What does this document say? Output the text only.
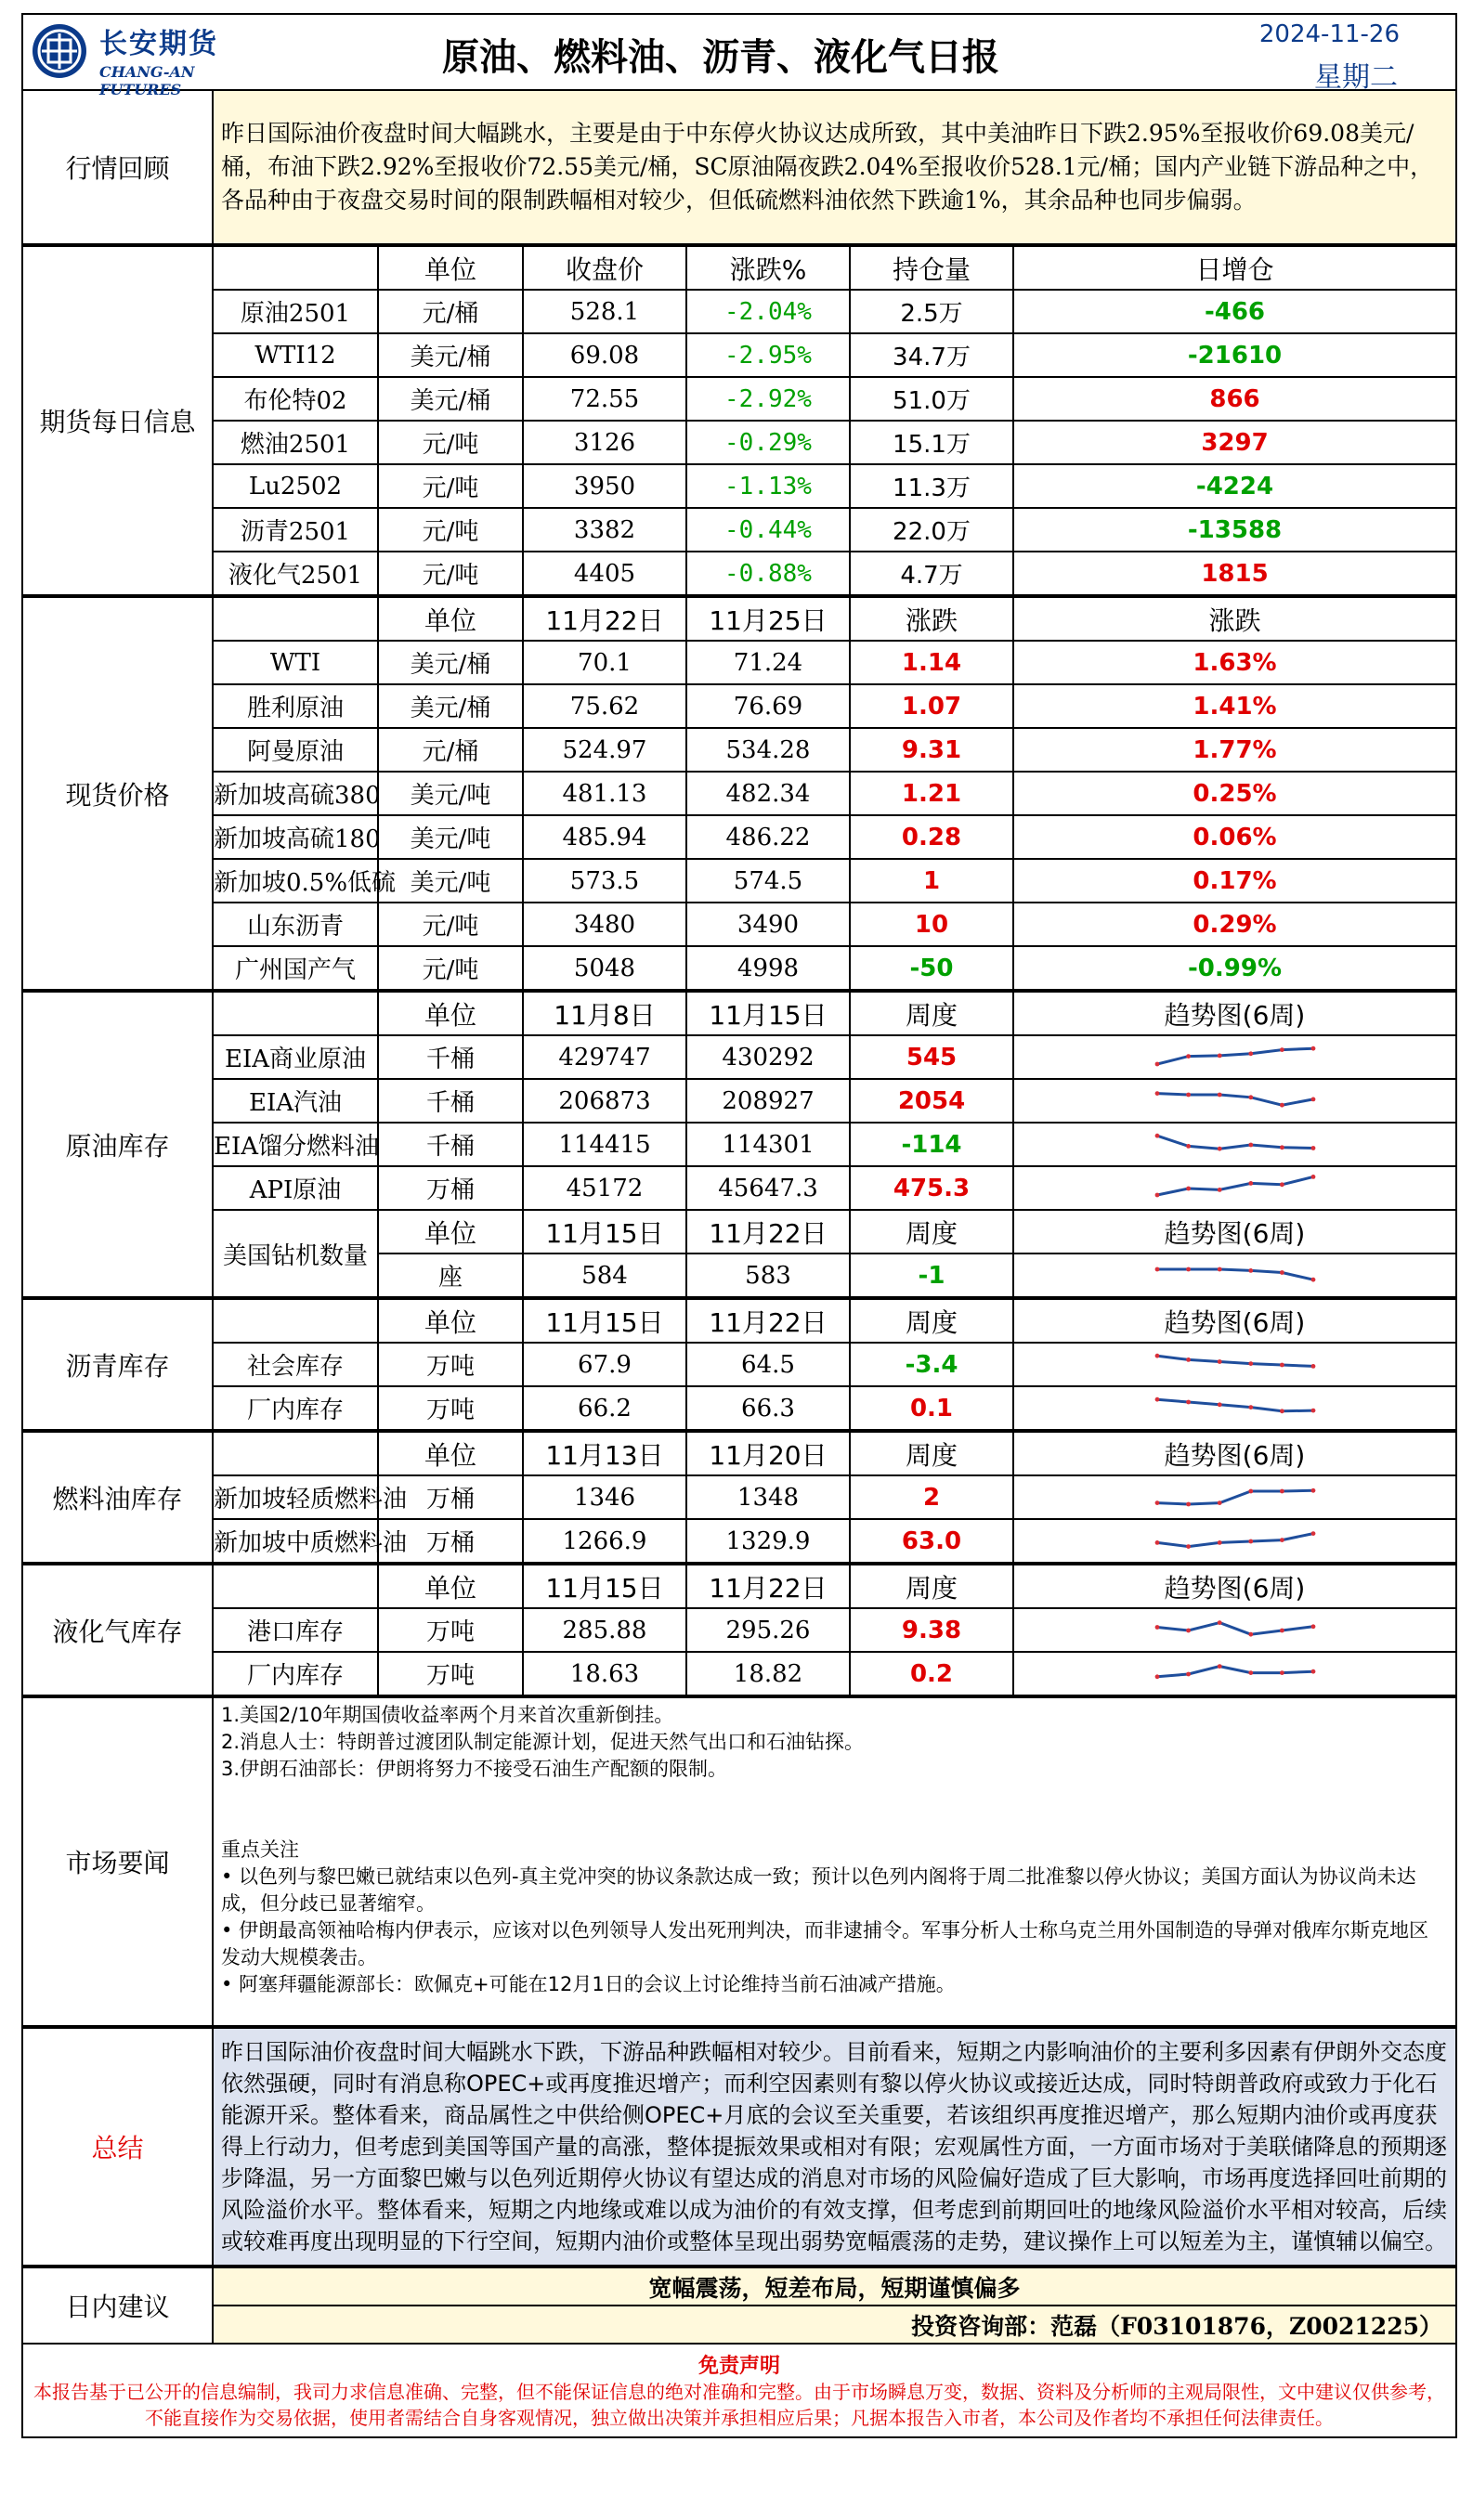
长安期货
CHANG-AN FUTURES
原油、燃料油、沥青、液化气日报
2024-11-26
星期二
行情回顾	昨日国际油价夜盘时间大幅跳水，主要是由于中东停火协议达成所致，其中美油昨日下跌2.95%至报收价69.08美元/桶，布油下跌2.92%至报收价72.55美元/桶，SC原油隔夜跌2.04%至报收价528.1元/桶；国内产业链下游品种之中，各品种由于夜盘交易时间的限制跌幅相对较少，但低硫燃料油依然下跌逾1%，其余品种也同步偏弱。
期货每日信息		单位	收盘价	涨跌%	持仓量	日增仓
	原油2501	元/桶	528.1	-2.04%	2.5万	-466
	WTI12	美元/桶	69.08	-2.95%	34.7万	-21610
	布伦特02	美元/桶	72.55	-2.92%	51.0万	866
	燃油2501	元/吨	3126	-0.29%	15.1万	3297
	Lu2502	元/吨	3950	-1.13%	11.3万	-4224
	沥青2501	元/吨	3382	-0.44%	22.0万	-13588
	液化气2501	元/吨	4405	-0.88%	4.7万	1815
现货价格		单位	11月22日	11月25日	涨跌	涨跌
	WTI	美元/桶	70.1	71.24	1.14	1.63%
	胜利原油	美元/桶	75.62	76.69	1.07	1.41%
	阿曼原油	元/桶	524.97	534.28	9.31	1.77%
	新加坡高硫380	美元/吨	481.13	482.34	1.21	0.25%
	新加坡高硫180	美元/吨	485.94	486.22	0.28	0.06%
	新加坡0.5%低硫	美元/吨	573.5	574.5	1	0.17%
	山东沥青	元/吨	3480	3490	10	0.29%
	广州国产气	元/吨	5048	4998	-50	-0.99%
原油库存		单位	11月8日	11月15日	周度	趋势图(6周)
	EIA商业原油	千桶	429747	430292	545	

	EIA汽油	千桶	206873	208927	2054	

	EIA馏分燃料油	千桶	114415	114301	-114	

	API原油	万桶	45172	45647.3	475.3	

	美国钻机数量	单位	11月15日	11月22日	周度	趋势图(6周)
		座	584	583	-1	
沥青库存		单位	11月15日	11月22日	周度	趋势图(6周)
	社会库存	万吨	67.9	64.5	-3.4	

	厂内库存	万吨	66.2	66.3	0.1	
燃料油库存		单位	11月13日	11月20日	周度	趋势图(6周)
	新加坡轻质燃料油	万桶	1346	1348	2	

	新加坡中质燃料油	万桶	1266.9	1329.9	63.0	
液化气库存		单位	11月15日	11月22日	周度	趋势图(6周)
	港口库存	万吨	285.88	295.26	9.38	

	厂内库存	万吨	18.63	18.82	0.2	
市场要闻	
1.美国2/10年期国债收益率两个月来首次重新倒挂。
2.消息人士：特朗普过渡团队制定能源计划，促进天然气出口和石油钻探。
3.伊朗石油部长：伊朗将努力不接受石油生产配额的限制。
重点关注
• 以色列与黎巴嫩已就结束以色列-真主党冲突的协议条款达成一致；预计以色列内阁将于周二批准黎以停火协议；美国方面认为协议尚未达成，但分歧已显著缩窄。
• 伊朗最高领袖哈梅内伊表示，应该对以色列领导人发出死刑判决，而非逮捕令。军事分析人士称乌克兰用外国制造的导弹对俄库尔斯克地区发动大规模袭击。
• 阿塞拜疆能源部长：欧佩克+可能在12月1日的会议上讨论维持当前石油减产措施。
总结	昨日国际油价夜盘时间大幅跳水下跌，下游品种跌幅相对较少。目前看来，短期之内影响油价的主要利多因素有伊朗外交态度依然强硬，同时有消息称OPEC+或再度推迟增产；而利空因素则有黎以停火协议或接近达成，同时特朗普政府或致力于化石能源开采。整体看来，商品属性之中供给侧OPEC+月底的会议至关重要，若该组织再度推迟增产，那么短期内油价或再度获得上行动力，但考虑到美国等国产量的高涨，整体提振效果或相对有限；宏观属性方面，一方面市场对于美联储降息的预期逐步降温，另一方面黎巴嫩与以色列近期停火协议有望达成的消息对市场的风险偏好造成了巨大影响，市场再度选择回吐前期的风险溢价水平。整体看来，短期之内地缘或难以成为油价的有效支撑，但考虑到前期回吐的地缘风险溢价水平相对较高，后续或较难再度出现明显的下行空间，短期内油价或整体呈现出弱势宽幅震荡的走势，建议操作上可以短差为主，谨慎辅以偏空。
日内建议	宽幅震荡，短差布局，短期谨慎偏多
投资咨询部：范磊（F03101876，Z0021225）
免责声明
本报告基于已公开的信息编制，我司力求信息准确、完整，但不能保证信息的绝对准确和完整。由于市场瞬息万变，数据、资料及分析师的主观局限性，文中建议仅供参考，不能直接作为交易依据，使用者需结合自身客观情况，独立做出决策并承担相应后果；凡据本报告入市者，本公司及作者均不承担任何法律责任。
